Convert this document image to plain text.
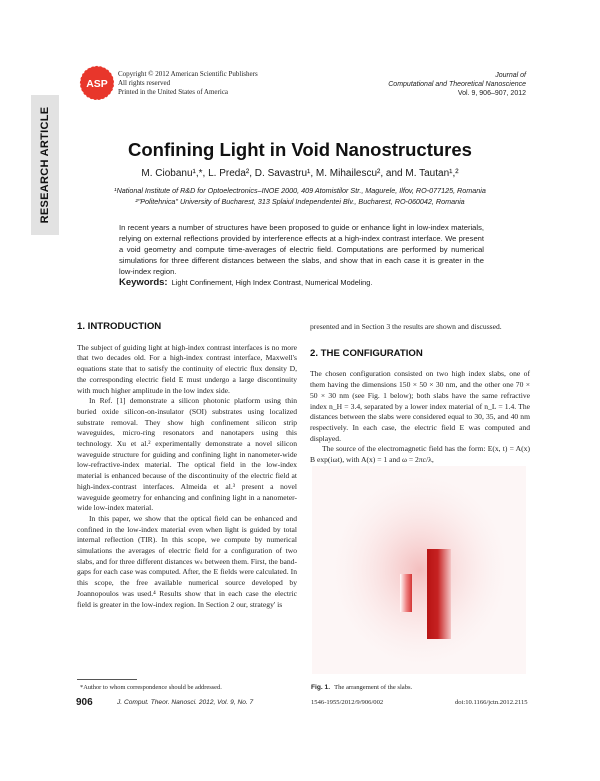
RESEARCH ARTICLE
ASP
Copyright © 2012 American Scientific Publishers
All rights reserved
Printed in the United States of America
Journal of
Computational and Theoretical Nanoscience
Vol. 9, 906–907, 2012
Confining Light in Void Nanostructures
M. Ciobanu¹,*, L. Preda², D. Savastru¹, M. Mihailescu², and M. Tautan¹,²
¹National Institute of R&D for Optoelectronics–INOE 2000, 409 Atomistilor Str., Magurele, Ilfov, RO-077125, Romania
²"Politehnica" University of Bucharest, 313 Splaiul Independentei Blv., Bucharest, RO-060042, Romania
In recent years a number of structures have been proposed to guide or enhance light in low-index materials, relying on external reflections provided by interference effects at a high-index contrast interface. We present a void geometry and compute time-averages of electric field. Computations are performed by numerical simulations for three different distances between the slabs, and show that in each case it is greater in the low-index region.
Keywords: Light Confinement, High Index Contrast, Numerical Modeling.
1. INTRODUCTION

The subject of guiding light at high-index contrast interfaces is no more that two decades old. For a high-index contrast interface, Maxwell's equations state that to satisfy the continuity of electric flux density D, the corresponding electric field E must undergo a large discontinuity with much higher amplitude in the low index side.

In Ref. [1] demonstrate a silicon photonic platform using thin buried oxide silicon-on-insulator (SOI) substrates using localized substrate removal. They show high confinement silicon strip waveguides, micro-ring resonators and nanotapers using this technology. Xu et al.² experimentally demonstrate a novel silicon waveguide structure for guiding and confining light in nanometer-wide low-refractive-index material. The optical field in the low-index material is enhanced because of the discontinuity of the electric field at high-index-contrast interfaces. Almeida et al.³ present a novel waveguide geometry for enhancing and confining light in a nanometer-wide low-index material.

In this paper, we show that the optical field can be enhanced and confined in the low-index material even when light is guided by total internal reflection (TIR). In this scope, we compute by numerical simulations the averages of electric field for a configuration of two slabs, and for three different distances wₛ between them. First, the band-gaps for each case was computed. After, the E fields were calculated. In this scope, the free available numerical source developed by Joannopoulos was used.⁴ Results show that in each case the electric field is greater in the low-index region. In Section 2 our, strategy' is

presented and in Section 3 the results are shown and discussed.

2. THE CONFIGURATION

The chosen configuration consisted on two high index slabs, one of them having the dimensions 150 × 50 × 30 nm, and the other one 70 × 50 × 30 nm (see Fig. 1 below); both slabs have the same refractive index n_H = 3.4, separated by a lower index material of n_L = 1.4. The distances between the slabs were considered equal to 30, 35, and 40 nm respectively. In each case, the electric field E was computed and displayed.

The source of the electromagnetic field has the form: E(x, t) = A(x) B exp(iωt), with A(x) = 1 and ω = 2πc/λ,

Fig. 1. The arrangement of the slabs.
*Author to whom correspondence should be addressed.
906	J. Comput. Theor. Nanosci. 2012, Vol. 9, No. 7	1546-1955/2012/9/906/002	doi:10.1166/jctn.2012.2115
